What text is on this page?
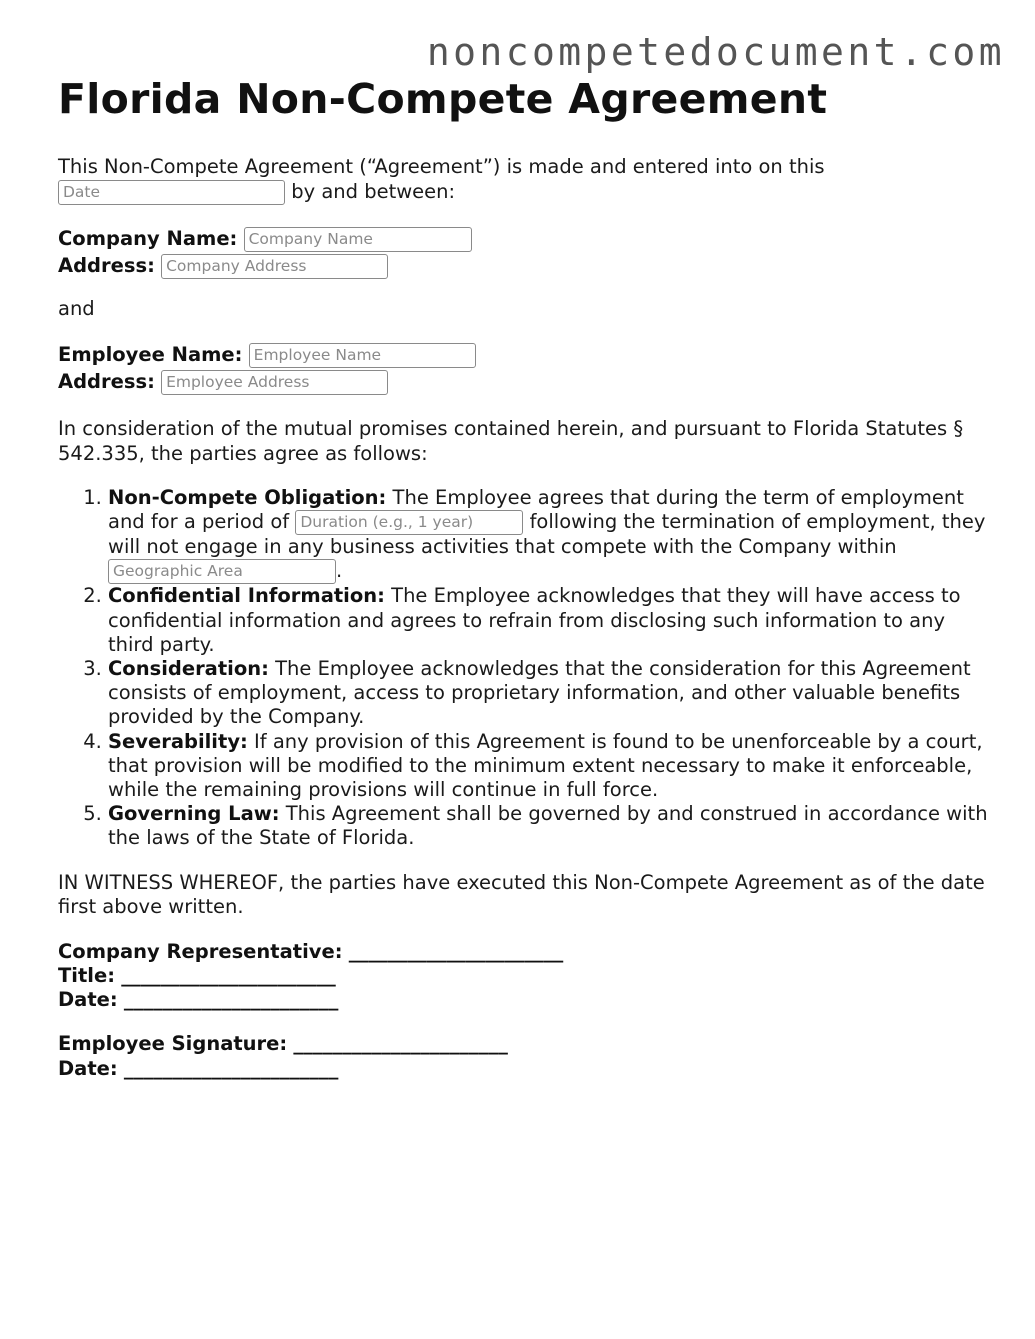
noncompetedocument.com
Florida Non-Compete Agreement

This Non-Compete Agreement (“Agreement”) is made and entered into on this
Date	by and between:

Company Name: Company Name
Address: Company Address

and

Employee Name: Employee Name
Address: Employee Address

In consideration of the mutual promises contained herein, and pursuant to Florida Statutes § 542.335, the parties agree as follows:

1. Non-Compete Obligation: The Employee agrees that during the term of employment and for a period of Duration (e.g., 1 year)	following the termination of employment, they will not engage in any business activities that compete with the Company within Geographic Area	.
2. Confidential Information: The Employee acknowledges that they will have access to confidential information and agrees to refrain from disclosing such information to any third party.
3. Consideration: The Employee acknowledges that the consideration for this Agreement consists of employment, access to proprietary information, and other valuable benefits provided by the Company.
4. Severability: If any provision of this Agreement is found to be unenforceable by a court, that provision will be modified to the minimum extent necessary to make it enforceable, while the remaining provisions will continue in full force.
5. Governing Law: This Agreement shall be governed by and construed in accordance with the laws of the State of Florida.

IN WITNESS WHEREOF, the parties have executed this Non-Compete Agreement as of the date first above written.

Company Representative: ______________________
Title: ______________________
Date: ______________________
Employee Signature: ______________________
Date: ______________________
